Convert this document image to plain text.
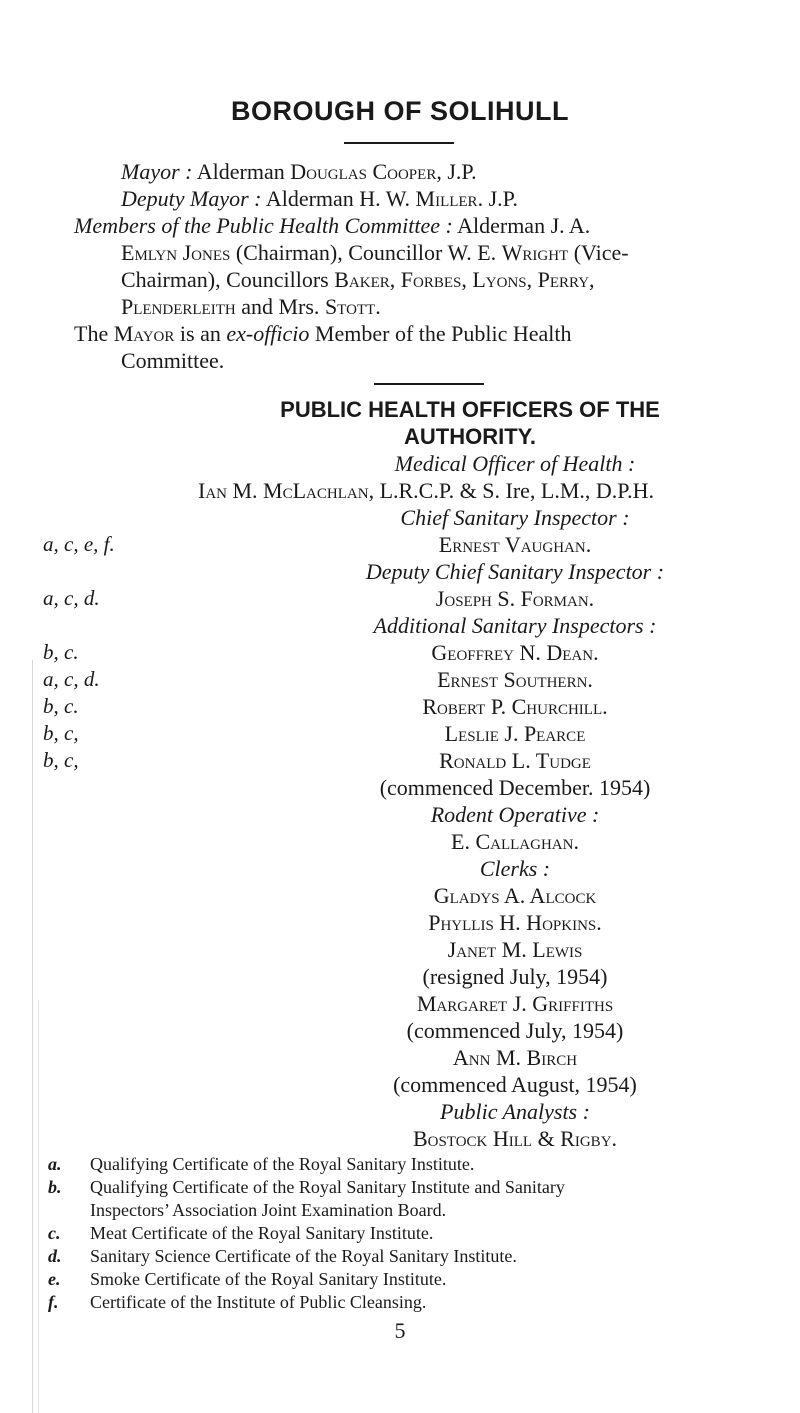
BOROUGH OF SOLIHULL

Mayor : Alderman Douglas Cooper, J.P.

Deputy Mayor : Alderman H. W. Miller. J.P.

Members of the Public Health Committee : Alderman J. A.

Emlyn Jones (Chairman), Councillor W. E. Wright (Vice-

Chairman), Councillors Baker, Forbes, Lyons, Perry,

Plenderleith and Mrs. Stott.

The Mayor is an ex-officio Member of the Public Health

Committee.

PUBLIC HEALTH OFFICERS OF THE
AUTHORITY.

Medical Officer of Health :

Ian M. McLachlan, L.R.C.P. & S. Ire, L.M., D.P.H.

Chief Sanitary Inspector :

a, c, e, f.	Ernest Vaughan.

Deputy Chief Sanitary Inspector :

a, c, d.	Joseph S. Forman.

Additional Sanitary Inspectors :

b, c.	Geoffrey N. Dean.

a, c, d.	Ernest Southern.

b, c.	Robert P. Churchill.

b, c,	Leslie J. Pearce

b, c,	Ronald L. Tudge

(commenced December. 1954)

Rodent Operative :

E. Callaghan.

Clerks :

Gladys A. Alcock

Phyllis H. Hopkins.

Janet M. Lewis

(resigned July, 1954)

Margaret J. Griffiths

(commenced July, 1954)

Ann M. Birch

(commenced August, 1954)

Public Analysts :

Bostock Hill & Rigby.

a. Qualifying Certificate of the Royal Sanitary Institute.
b. Qualifying Certificate of the Royal Sanitary Institute and Sanitary
Inspectors’ Association Joint Examination Board.
c. Meat Certificate of the Royal Sanitary Institute.
d. Sanitary Science Certificate of the Royal Sanitary Institute.
e. Smoke Certificate of the Royal Sanitary Institute.
f. Certificate of the Institute of Public Cleansing.
5
